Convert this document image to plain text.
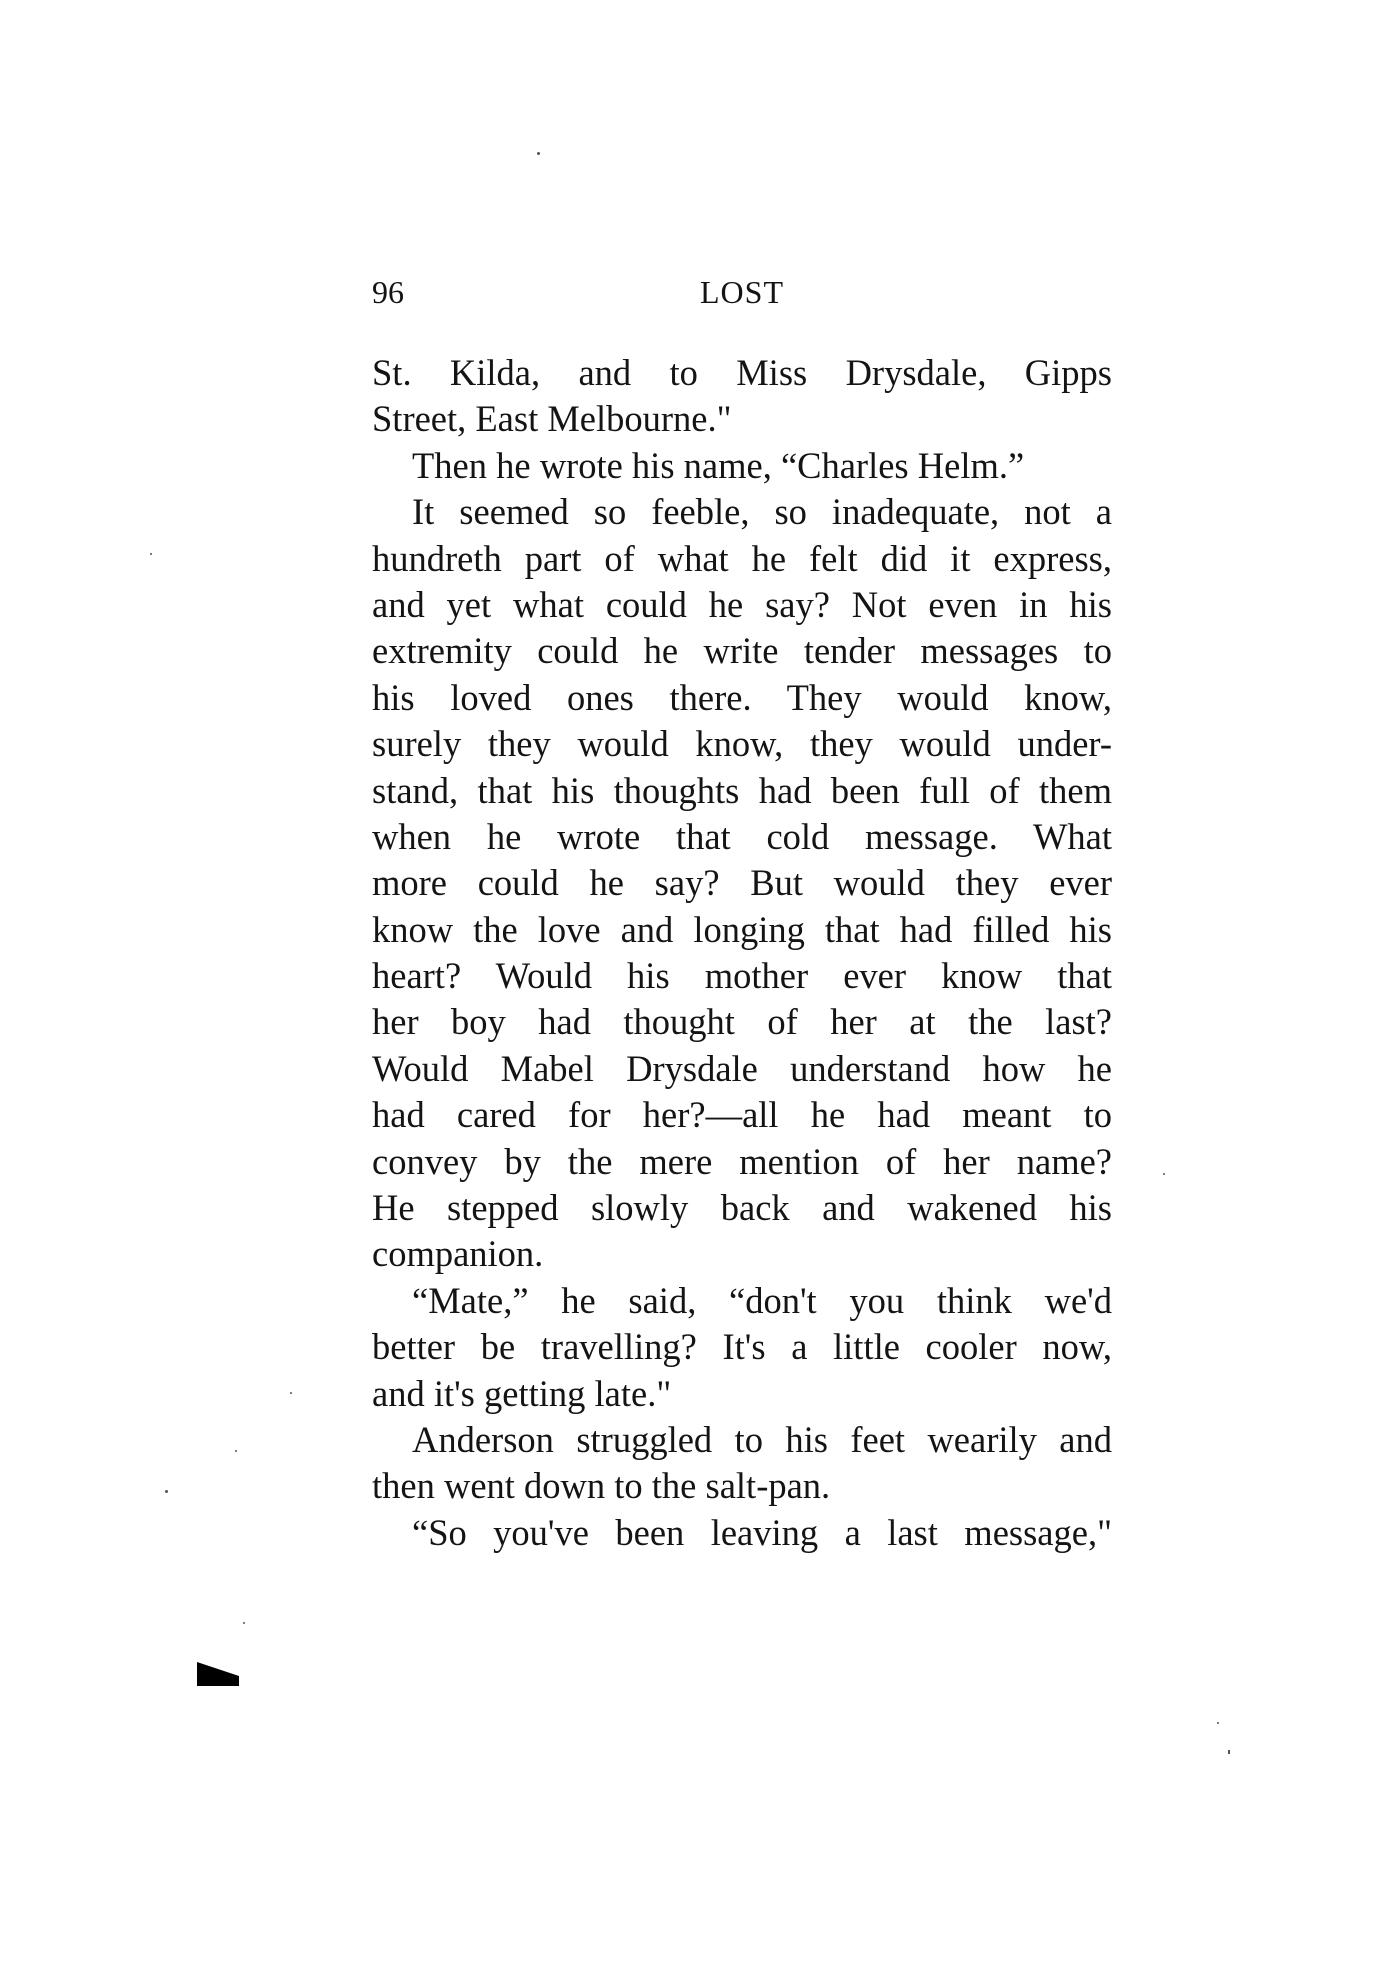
96	LOST
St. Kilda, and to Miss Drysdale, Gipps
Street, East Melbourne."
Then he wrote his name, “Charles Helm.”
It seemed so feeble, so inadequate, not a
hundreth part of what he felt did it express,
and yet what could he say? Not even in his
extremity could he write tender messages to
his loved ones there. They would know,
surely they would know, they would under-
stand, that his thoughts had been full of them
when he wrote that cold message. What
more could he say? But would they ever
know the love and longing that had filled his
heart? Would his mother ever know that
her boy had thought of her at the last?
Would Mabel Drysdale understand how he
had cared for her?—all he had meant to
convey by the mere mention of her name?
He stepped slowly back and wakened his
companion.
“Mate,” he said, “don't you think we'd
better be travelling? It's a little cooler now,
and it's getting late."
Anderson struggled to his feet wearily and
then went down to the salt-pan.
“So you've been leaving a last message,"
